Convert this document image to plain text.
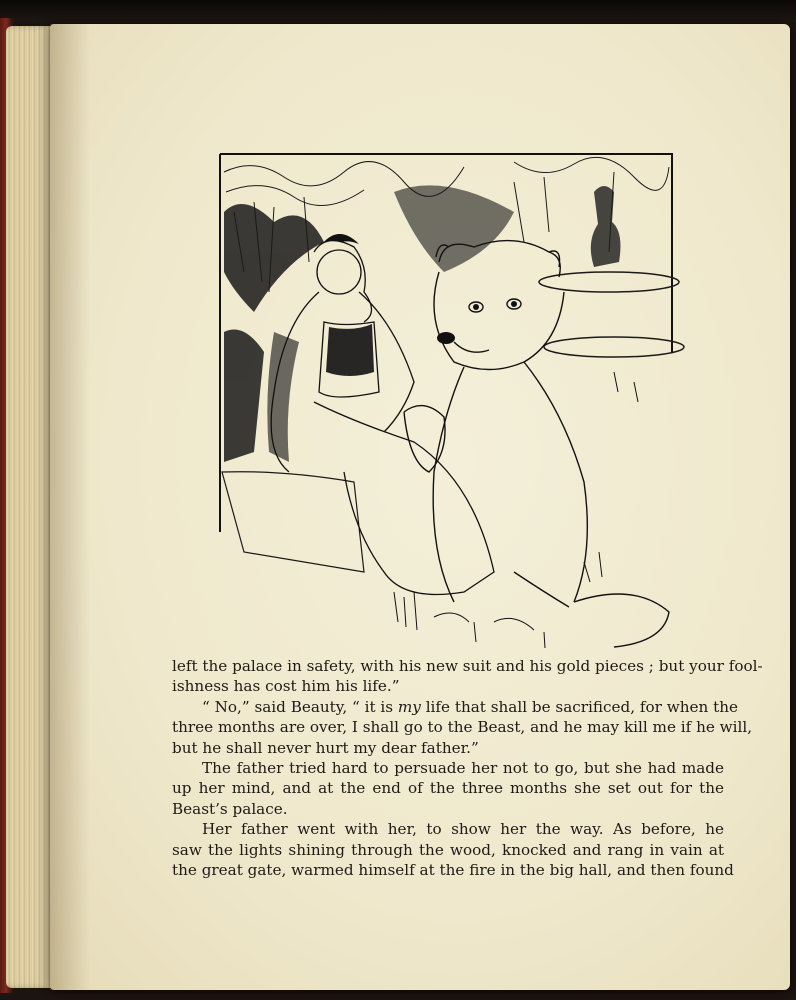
left the palace in safety, with his new suit and his gold pieces ; but your fool-
ishness has cost him his life.”
“ No,” said Beauty, “ it is my life that shall be sacrificed, for when the
three months are over, I shall go to the Beast, and he may kill me if he will,
but he shall never hurt my dear father.”
The father tried hard to persuade her not to go, but she had made
up her mind, and at the end of the three months she set out for the
Beast’s palace.
Her father went with her, to show her the way. As before, he
saw the lights shining through the wood, knocked and rang in vain at
the great gate, warmed himself at the fire in the big hall, and then found
